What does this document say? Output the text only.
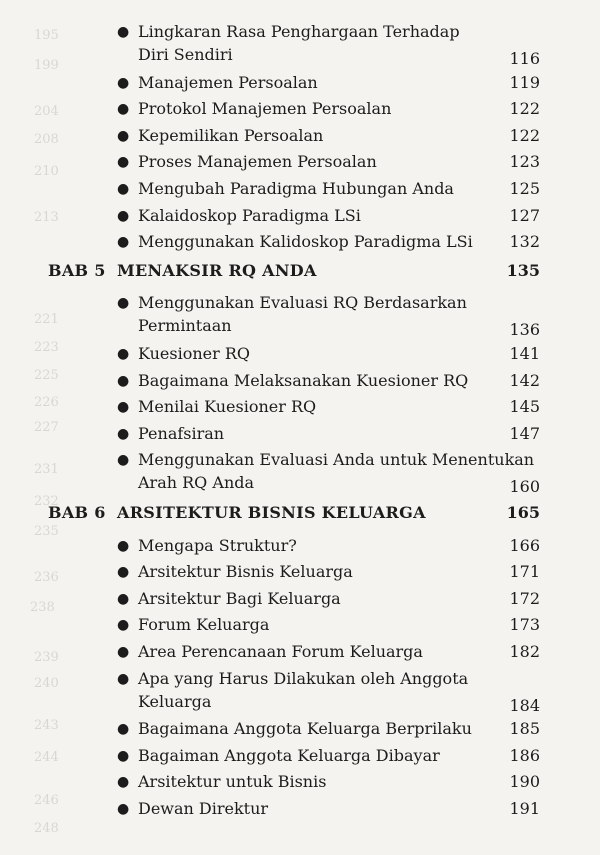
195
199
204
208
210
213
221
223
225
226
227
231
232
235
236
238
239
240
243
244
246
248
● Lingkaran Rasa Penghargaan Terhadap
Diri Sendiri	116
● Manajemen Persoalan	119
● Protokol Manajemen Persoalan	122
● Kepemilikan Persoalan	122
● Proses Manajemen Persoalan	123
● Mengubah Paradigma Hubungan Anda	125
● Kalaidoskop Paradigma LSi	127
● Menggunakan Kalidoskop Paradigma LSi 132
BAB 5 MENAKSIR RQ ANDA	135
● Menggunakan Evaluasi RQ Berdasarkan
Permintaan	136
● Kuesioner RQ	141
● Bagaimana Melaksanakan Kuesioner RQ	142
● Menilai Kuesioner RQ	145
● Penafsiran	147
● Menggunakan Evaluasi Anda untuk Menentukan
Arah RQ Anda	160
BAB 6 ARSITEKTUR BISNIS KELUARGA	165
● Mengapa Struktur?	166
● Arsitektur Bisnis Keluarga	171
● Arsitektur Bagi Keluarga	172
● Forum Keluarga	173
● Area Perencanaan Forum Keluarga	182
● Apa yang Harus Dilakukan oleh Anggota
Keluarga	184
● Bagaimana Anggota Keluarga Berprilaku 185
● Bagaiman Anggota Keluarga Dibayar	186
● Arsitektur untuk Bisnis	190
● Dewan Direktur	191
